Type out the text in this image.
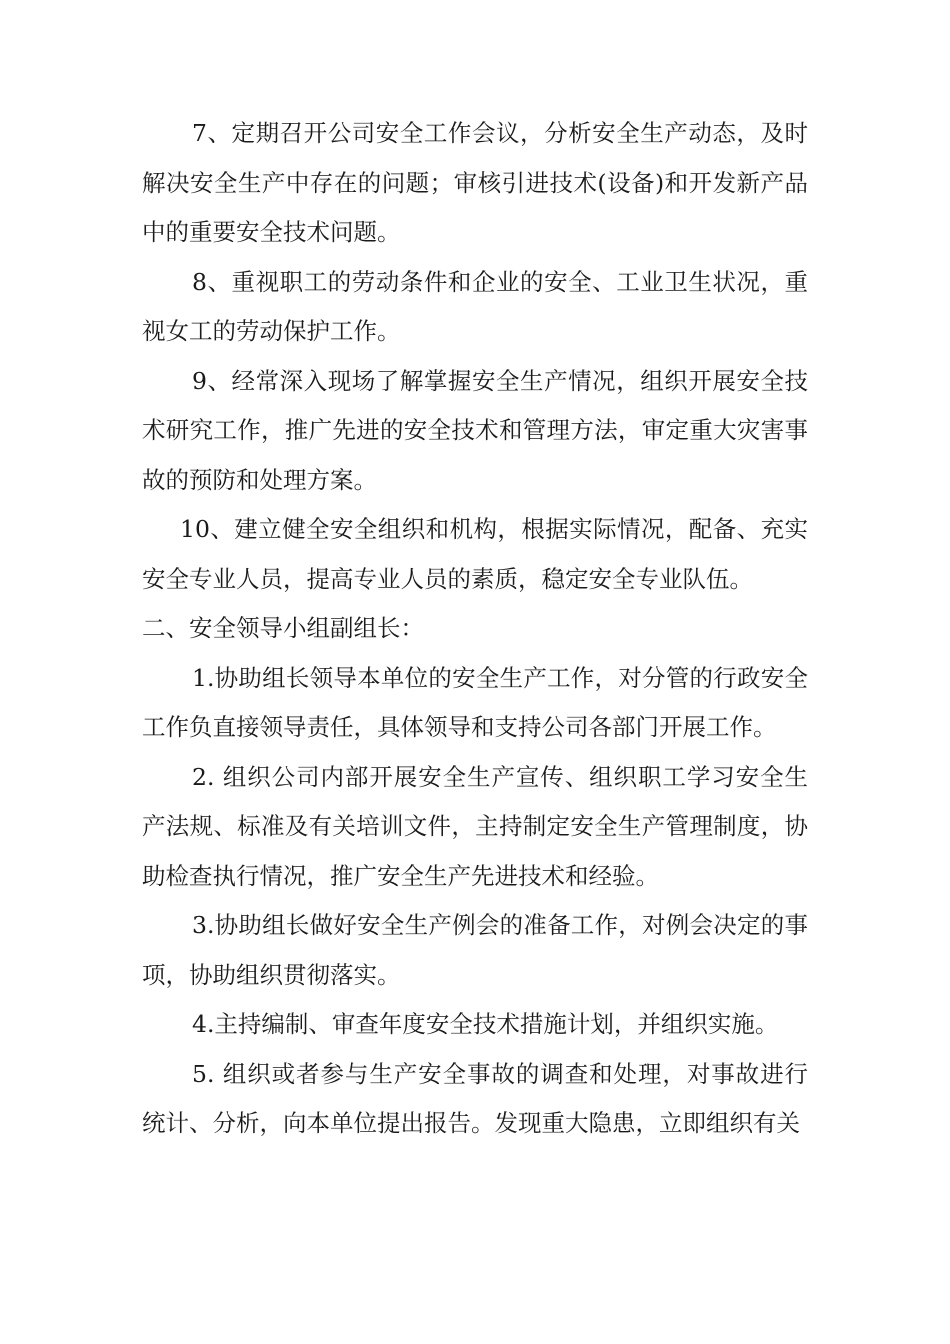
7、定期召开公司安全工作会议，分析安全生产动态，及时解决安全生产中存在的问题；审核引进技术(设备)和开发新产品中的重要安全技术问题。

8、重视职工的劳动条件和企业的安全、工业卫生状况，重视女工的劳动保护工作。

9、经常深入现场了解掌握安全生产情况，组织开展安全技术研究工作，推广先进的安全技术和管理方法，审定重大灾害事故的预防和处理方案。

10、建立健全安全组织和机构，根据实际情况，配备、充实安全专业人员，提高专业人员的素质，稳定安全专业队伍。

二、安全领导小组副组长：

1.协助组长领导本单位的安全生产工作，对分管的行政安全工作负直接领导责任，具体领导和支持公司各部门开展工作。

2. 组织公司内部开展安全生产宣传、组织职工学习安全生产法规、标准及有关培训文件，主持制定安全生产管理制度，协助检查执行情况，推广安全生产先进技术和经验。

3.协助组长做好安全生产例会的准备工作，对例会决定的事项，协助组织贯彻落实。

4.主持编制、审查年度安全技术措施计划，并组织实施。

5. 组织或者参与生产安全事故的调查和处理，对事故进行统计、分析，向本单位提出报告。发现重大隐患，立即组织有关
